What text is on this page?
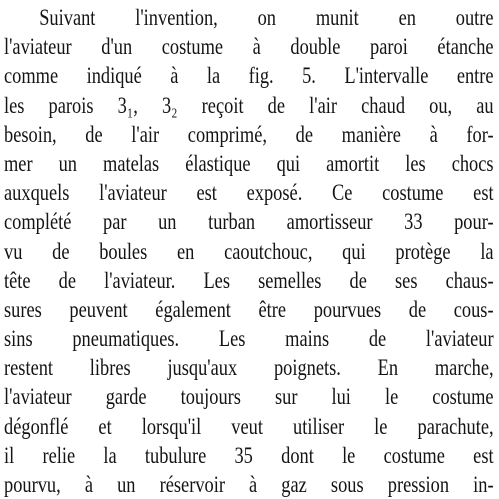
Suivant l'invention, on munit en outre
l'aviateur d'un costume à double paroi étanche
comme indiqué à la fig. 5. L'intervalle entre
les parois 3₁, 3₂ reçoit de l'air chaud ou, au
besoin, de l'air comprimé, de manière à for-
mer un matelas élastique qui amortit les chocs
auxquels l'aviateur est exposé. Ce costume est
complété par un turban amortisseur 33 pour-
vu de boules en caoutchouc, qui protège la
tête de l'aviateur. Les semelles de ses chaus-
sures peuvent également être pourvues de cous-
sins pneumatiques. Les mains de l'aviateur
restent libres jusqu'aux poignets. En marche,
l'aviateur garde toujours sur lui le costume
dégonflé et lorsqu'il veut utiliser le parachute,
il relie la tubulure 35 dont le costume est
pourvu, à un réservoir à gaz sous pression in-
